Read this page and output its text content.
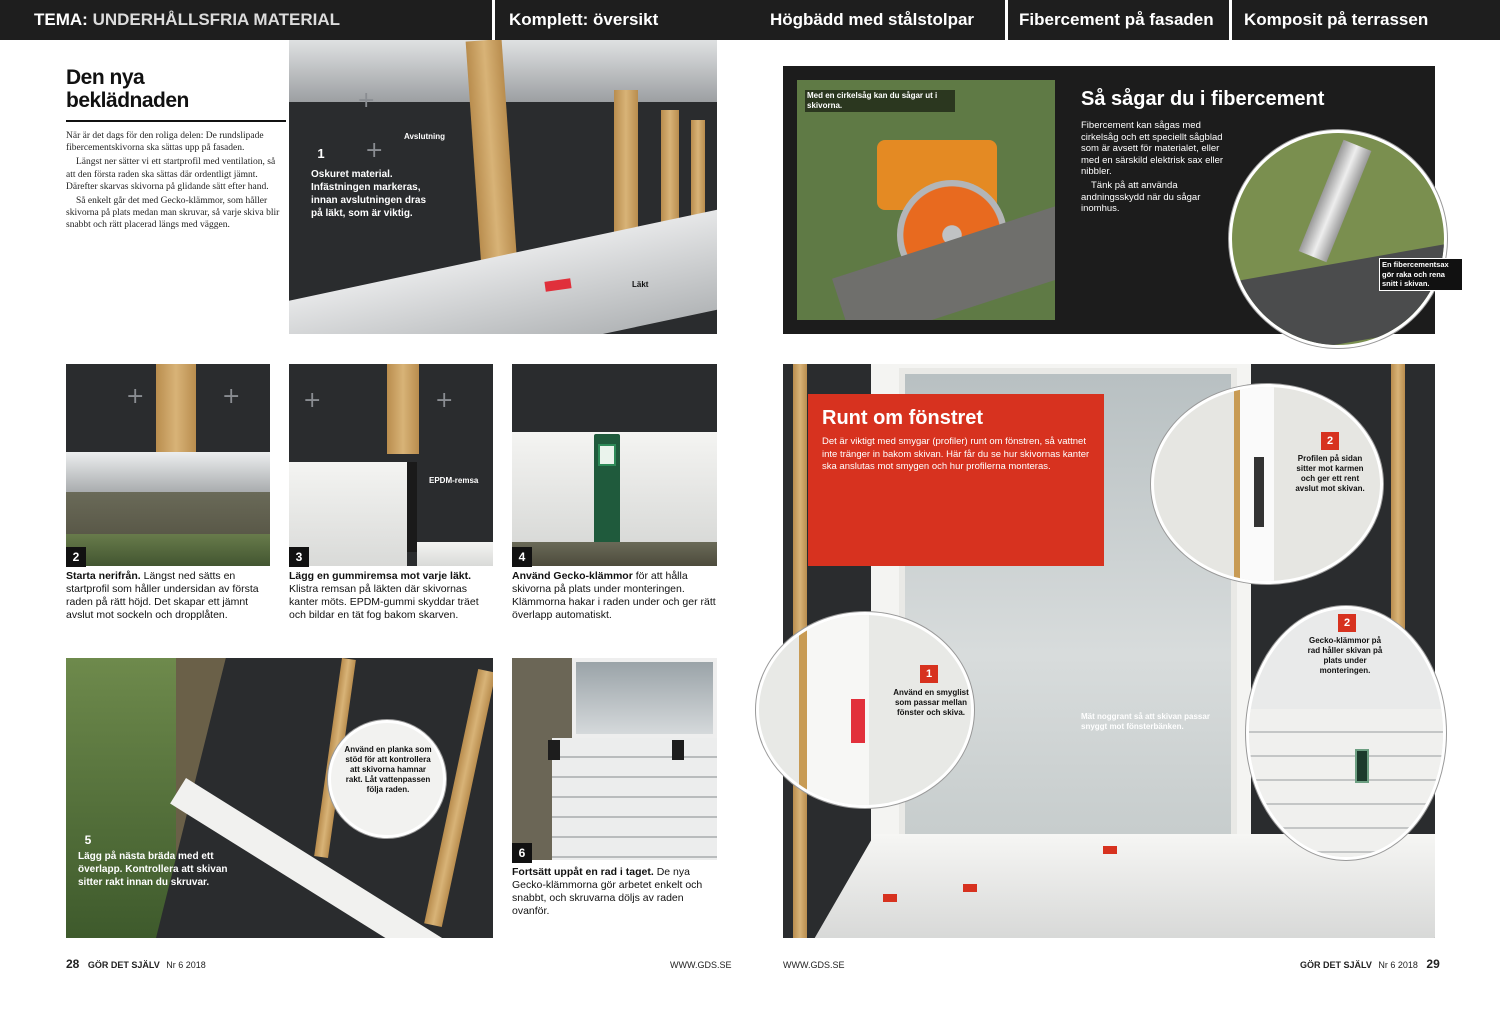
TEMA: UNDERHÅLLSFRIA MATERIAL	Komplett: översikt	Högbädd med stålstolpar	Fibercement på fasaden Komposit på terrassen
Den nya
beklädnaden

När är det dags för den roliga delen: De rundslipade fibercementskivorna ska sättas upp på fasaden.

Längst ner sätter vi ett startprofil med ventilation, så att den första raden ska sättas där ordentligt jämnt. Därefter skarvas skivorna på glidande sätt efter hand.

Så enkelt går det med Gecko-klämmor, som håller skivorna på plats medan man skruvar, så varje skiva blir snabbt och rätt placerad längs med väggen.

+
+
1
Oskuret material. Infästningen markeras, innan avslutningen dras på läkt, som är viktig.
Avslutning
Läkt
+	+
2
Starta nerifrån. Längst ned sätts en startprofil som håller undersidan av första raden på rätt höjd. Det skapar ett jämnt avslut mot sockeln och dropplåten.
+	+
EPDM-remsa
3
Lägg en gummiremsa mot varje läkt. Klistra remsan på läkten där skivornas kanter möts. EPDM-gummi skyddar träet och bildar en tät fog bakom skarven.
4
Använd Gecko-klämmor för att hålla skivorna på plats under monteringen. Klämmorna hakar i raden under och ger rätt överlapp automatiskt.
5
Lägg på nästa bräda med ett överlapp. Kontrollera att skivan sitter rakt innan du skruvar.
Använd en planka som stöd för att kontrollera att skivorna hamnar rakt. Låt vattenpassen följa raden.
6
Fortsätt uppåt en rad i taget. De nya Gecko-klämmorna gör arbetet enkelt och snabbt, och skruvarna döljs av raden ovanför.
Med en cirkelsåg kan du sågar ut i skivorna.	Så sågar du i fibercement

Fibercement kan sågas med cirkelsåg och ett speciellt sågblad som är avsett för materialet, eller med en särskild elektrisk sax eller nibbler.

Tänk på att använda andningsskydd när du sågar inomhus.

En fibercementsax gör raka och rena snitt i skivan.
Mät noggrant så att skivan passar snyggt mot fönsterbänken.
Runt om fönstret
Det är viktigt med smygar (profiler) runt om fönstren, så vattnet inte tränger in bakom skivan. Här får du se hur skivornas kanter ska anslutas mot smygen och hur profilerna monteras.
1
Använd en smyglist som passar mellan fönster och skiva.
2
Profilen på sidan sitter mot karmen och ger ett rent avslut mot skivan.
2
Gecko-klämmor på rad håller skivan på plats under monteringen.
28 GÖR DET SJÄLV Nr 6 2018	WWW.GDS.SE	WWW.GDS.SE	GÖR DET SJÄLV Nr 6 2018 29
